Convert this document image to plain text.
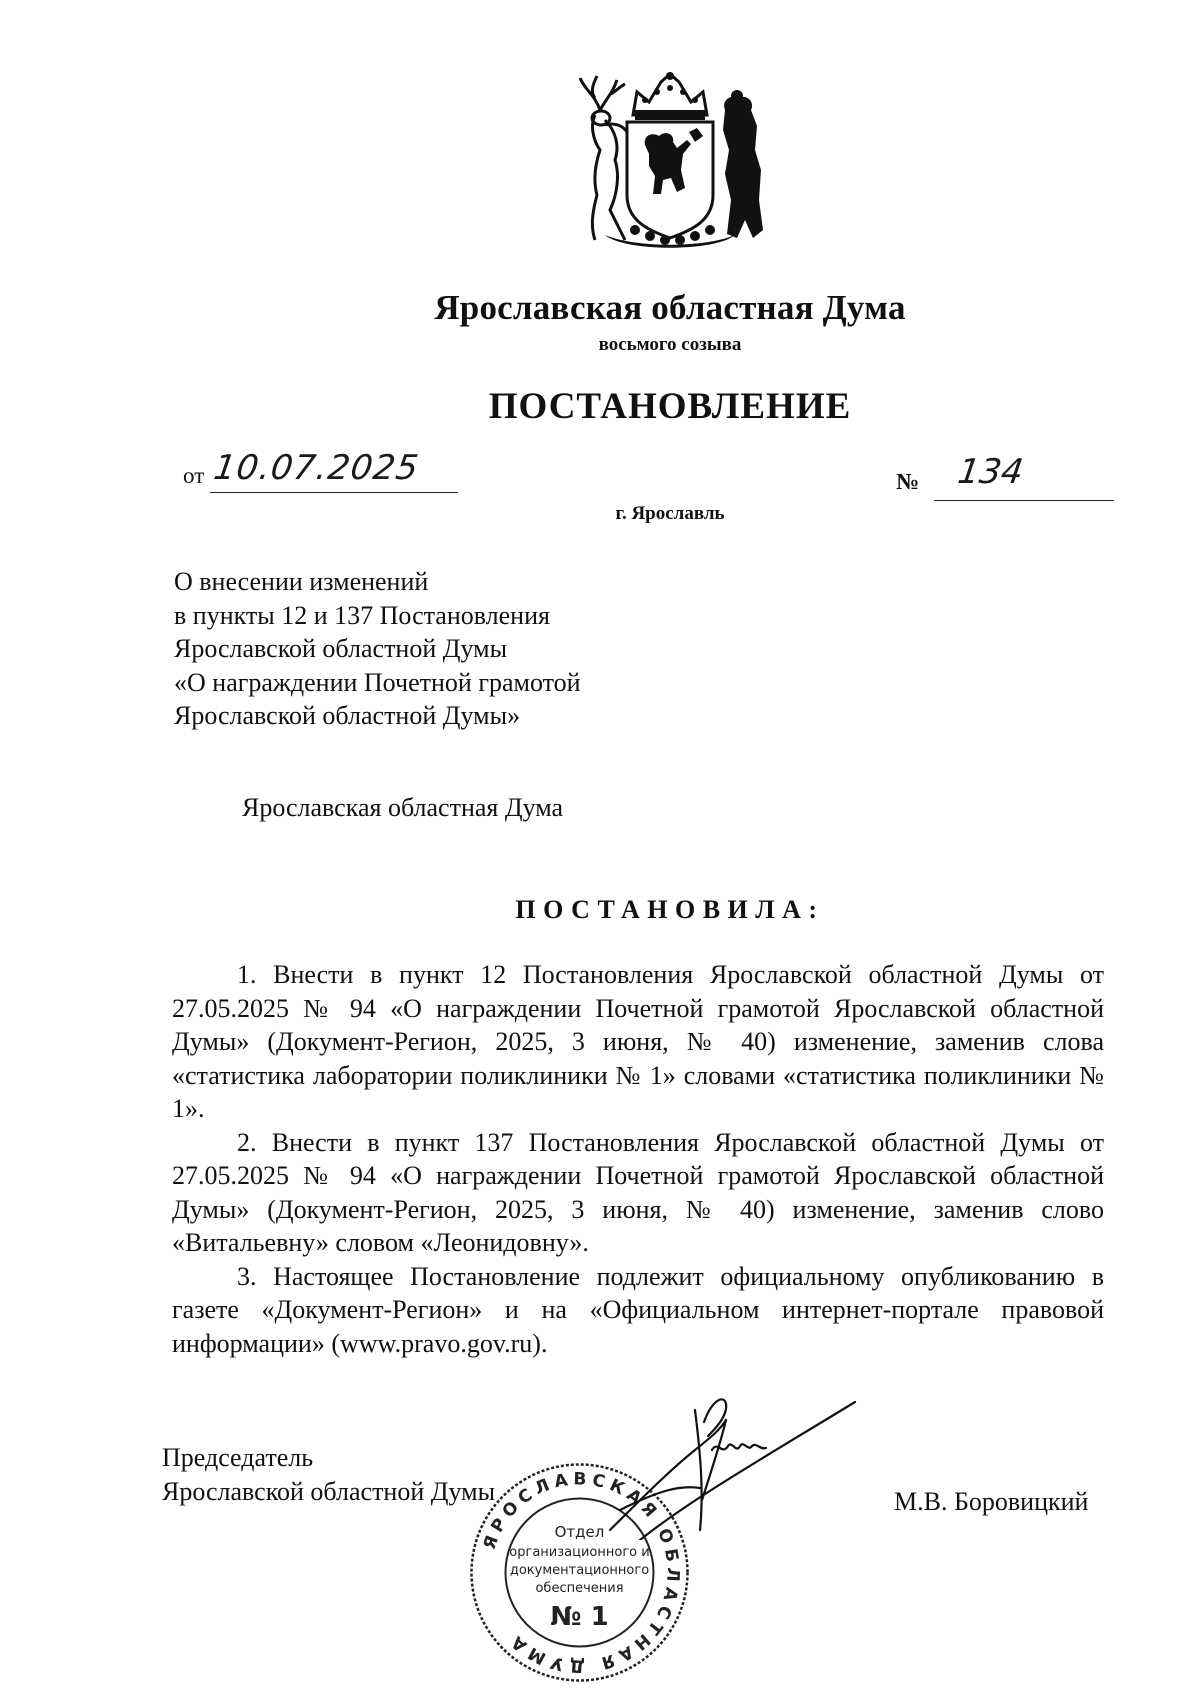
Ярославская областная Дума
восьмого созыва
ПОСТАНОВЛЕНИЕ
от 10.07.2025	№ 134
г. Ярославль
О внесении изменений
в пункты 12 и 137 Постановления
Ярославской областной Думы
«О награждении Почетной грамотой
Ярославской областной Думы»
Ярославская областная Дума
ПОСТАНОВИЛА:

1. Внести в пункт 12 Постановления Ярославской областной Думы от 27.05.2025 № 94 «О награждении Почетной грамотой Ярославской областной Думы» (Документ-Регион, 2025, 3 июня, № 40) изменение, заменив слова «статистика лаборатории поликлиники № 1» словами «статистика поликлиники № 1».

2. Внести в пункт 137 Постановления Ярославской областной Думы от 27.05.2025 № 94 «О награждении Почетной грамотой Ярославской областной Думы» (Документ-Регион, 2025, 3 июня, № 40) изменение, заменив слово «Витальевну» словом «Леонидовну».

3. Настоящее Постановление подлежит официальному опубликованию в газете «Документ-Регион» и на «Официальном интернет-портале правовой информации» (www.pravo.gov.ru).

Председатель
Ярославской областной Думы	М.В. Боровицкий
ЯРОСЛАВСКАЯ ОБЛАСТНАЯ ДУМА
Отдел
организационного и
документационного
обеспечения
№ 1
